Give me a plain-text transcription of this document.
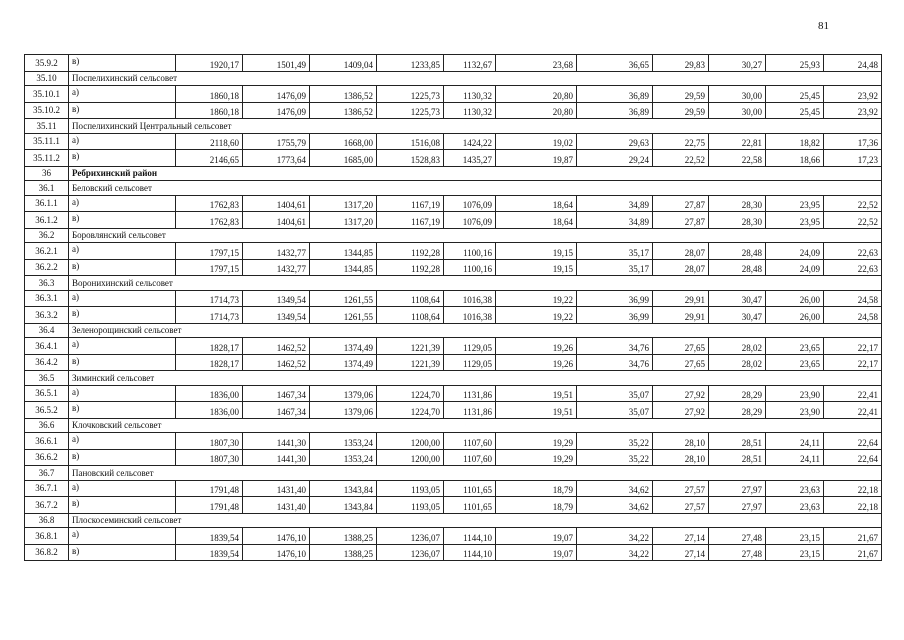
81
35.9.2	в)	1920,17	1501,49	1409,04	1233,85	1132,67	23,68	36,65	29,83	30,27	25,93	24,48
35.10	Поспелихинский сельсовет											
35.10.1	а)	1860,18	1476,09	1386,52	1225,73	1130,32	20,80	36,89	29,59	30,00	25,45	23,92
35.10.2	в)	1860,18	1476,09	1386,52	1225,73	1130,32	20,80	36,89	29,59	30,00	25,45	23,92
35.11	Поспелихинский Центральный сельсовет											
35.11.1	а)	2118,60	1755,79	1668,00	1516,08	1424,22	19,02	29,63	22,75	22,81	18,82	17,36
35.11.2	в)	2146,65	1773,64	1685,00	1528,83	1435,27	19,87	29,24	22,52	22,58	18,66	17,23
36	Ребрихинский район											
36.1	Беловский сельсовет											
36.1.1	а)	1762,83	1404,61	1317,20	1167,19	1076,09	18,64	34,89	27,87	28,30	23,95	22,52
36.1.2	в)	1762,83	1404,61	1317,20	1167,19	1076,09	18,64	34,89	27,87	28,30	23,95	22,52
36.2	Боровлянский сельсовет											
36.2.1	а)	1797,15	1432,77	1344,85	1192,28	1100,16	19,15	35,17	28,07	28,48	24,09	22,63
36.2.2	в)	1797,15	1432,77	1344,85	1192,28	1100,16	19,15	35,17	28,07	28,48	24,09	22,63
36.3	Воронихинский сельсовет											
36.3.1	а)	1714,73	1349,54	1261,55	1108,64	1016,38	19,22	36,99	29,91	30,47	26,00	24,58
36.3.2	в)	1714,73	1349,54	1261,55	1108,64	1016,38	19,22	36,99	29,91	30,47	26,00	24,58
36.4	Зеленорощинский сельсовет											
36.4.1	а)	1828,17	1462,52	1374,49	1221,39	1129,05	19,26	34,76	27,65	28,02	23,65	22,17
36.4.2	в)	1828,17	1462,52	1374,49	1221,39	1129,05	19,26	34,76	27,65	28,02	23,65	22,17
36.5	Зиминский сельсовет											
36.5.1	а)	1836,00	1467,34	1379,06	1224,70	1131,86	19,51	35,07	27,92	28,29	23,90	22,41
36.5.2	в)	1836,00	1467,34	1379,06	1224,70	1131,86	19,51	35,07	27,92	28,29	23,90	22,41
36.6	Клочковский сельсовет											
36.6.1	а)	1807,30	1441,30	1353,24	1200,00	1107,60	19,29	35,22	28,10	28,51	24,11	22,64
36.6.2	в)	1807,30	1441,30	1353,24	1200,00	1107,60	19,29	35,22	28,10	28,51	24,11	22,64
36.7	Пановский сельсовет											
36.7.1	а)	1791,48	1431,40	1343,84	1193,05	1101,65	18,79	34,62	27,57	27,97	23,63	22,18
36.7.2	в)	1791,48	1431,40	1343,84	1193,05	1101,65	18,79	34,62	27,57	27,97	23,63	22,18
36.8	Плоскосеминский сельсовет											
36.8.1	а)	1839,54	1476,10	1388,25	1236,07	1144,10	19,07	34,22	27,14	27,48	23,15	21,67
36.8.2	в)	1839,54	1476,10	1388,25	1236,07	1144,10	19,07	34,22	27,14	27,48	23,15	21,67
